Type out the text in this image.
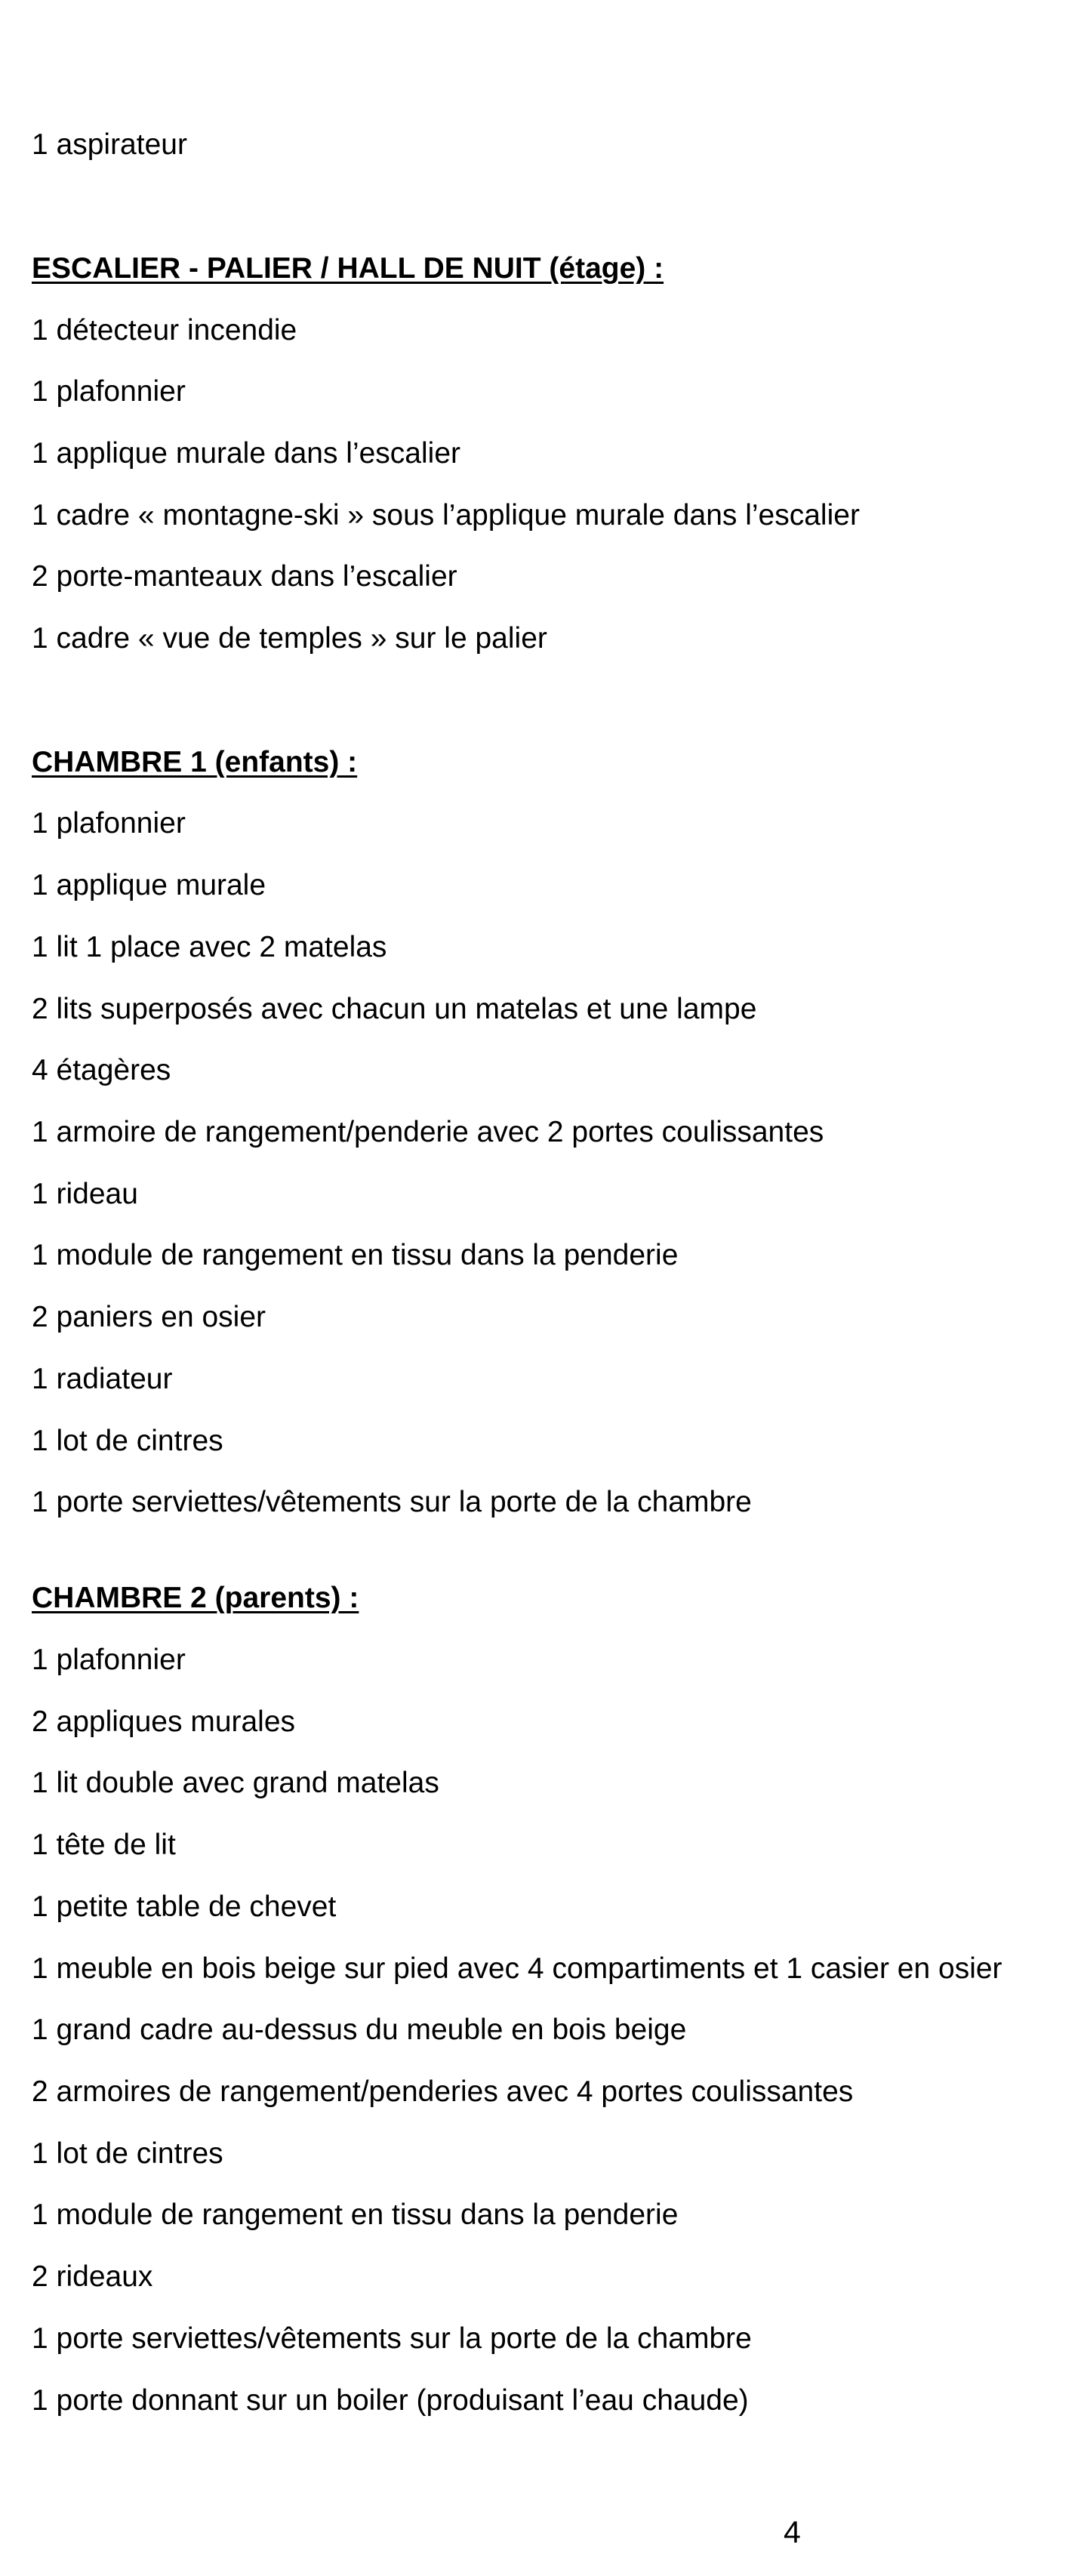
1 aspirateur
ESCALIER - PALIER / HALL DE NUIT (étage) :
1 détecteur incendie
1 plafonnier
1 applique murale dans l’escalier
1 cadre « montagne-ski » sous l’applique murale dans l’escalier
2 porte-manteaux dans l’escalier
1 cadre « vue de temples » sur le palier
CHAMBRE 1 (enfants) :
1 plafonnier
1 applique murale
1 lit 1 place avec 2 matelas
2 lits superposés avec chacun un matelas et une lampe
4 étagères
1 armoire de rangement/penderie avec 2 portes coulissantes
1 rideau
1 module de rangement en tissu dans la penderie
2 paniers en osier
1 radiateur
1 lot de cintres
1 porte serviettes/vêtements sur la porte de la chambre
CHAMBRE 2 (parents) :
1 plafonnier
2 appliques murales
1 lit double avec grand matelas
1 tête de lit
1 petite table de chevet
1 meuble en bois beige sur pied avec 4 compartiments et 1 casier en osier
1 grand cadre au-dessus du meuble en bois beige
2 armoires de rangement/penderies avec 4 portes coulissantes
1 lot de cintres
1 module de rangement en tissu dans la penderie
2 rideaux
1 porte serviettes/vêtements sur la porte de la chambre
1 porte donnant sur un boiler (produisant l’eau chaude)
4
